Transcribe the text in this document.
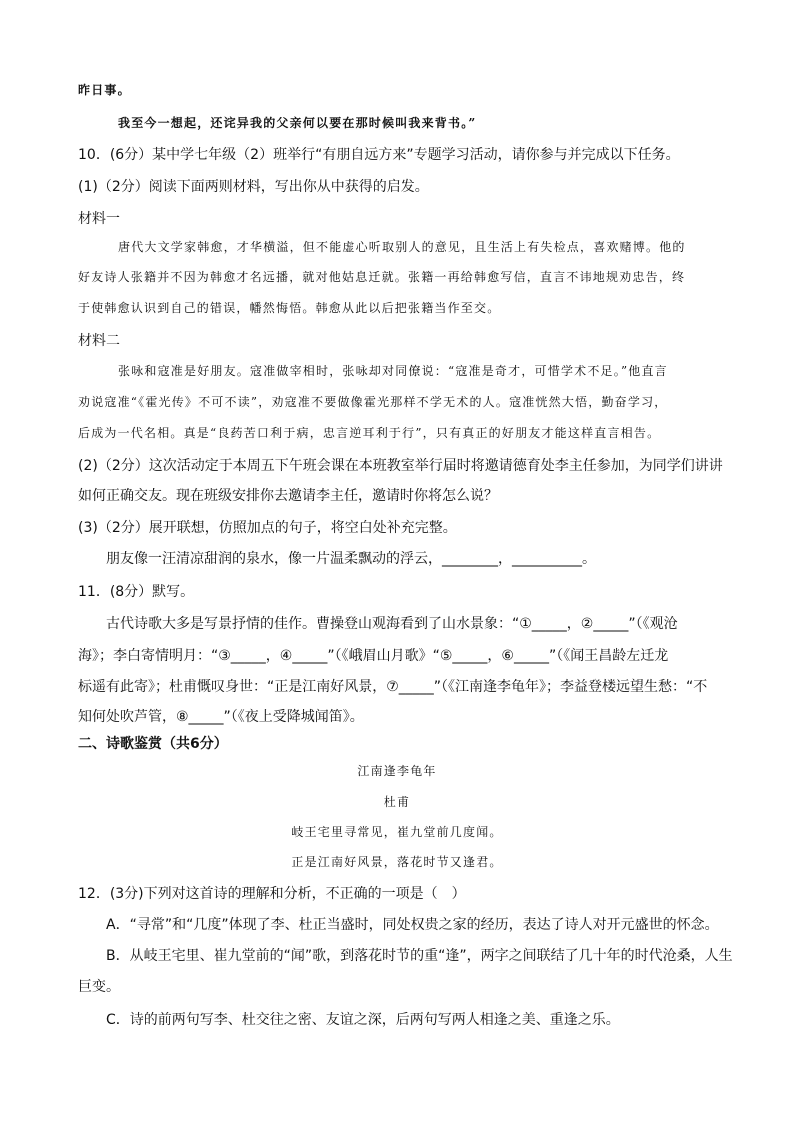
昨日事。
我至今一想起，还诧异我的父亲何以要在那时候叫我来背书。”
10．(6分）某中学七年级（2）班举行“有朋自远方来”专题学习活动，请你参与并完成以下任务。
(1)（2分）阅读下面两则材料，写出你从中获得的启发。
材料一
唐代大文学家韩愈，才华横溢，但不能虚心听取别人的意见，且生活上有失检点，喜欢赌博。他的
好友诗人张籍并不因为韩愈才名远播，就对他姑息迁就。张籍一再给韩愈写信，直言不讳地规劝忠告，终
于使韩愈认识到自己的错误，幡然悔悟。韩愈从此以后把张籍当作至交。
材料二
张咏和寇准是好朋友。寇准做宰相时，张咏却对同僚说：“寇准是奇才，可惜学术不足。”他直言
劝说寇准“《霍光传》不可不读”，劝寇准不要做像霍光那样不学无术的人。寇准恍然大悟，勤奋学习，
后成为一代名相。真是“良药苦口利于病，忠言逆耳利于行”，只有真正的好朋友才能这样直言相告。
(2)（2分）这次活动定于本周五下午班会课在本班教室举行届时将邀请德育处李主任参加，为同学们讲讲
如何正确交友。现在班级安排你去邀请李主任，邀请时你将怎么说？
(3)（2分）展开联想，仿照加点的句子，将空白处补充完整。
朋友像一汪清凉甜润的泉水，像一片温柔飘动的浮云，________，__________。
11．(8分）默写。
古代诗歌大多是写景抒情的佳作。曹操登山观海看到了山水景象：“①_____，②_____”（《观沧
海》；李白寄情明月：“③_____，④_____”（《峨眉山月歌》“⑤_____，⑥_____”（《闻王昌龄左迁龙
标遥有此寄》；杜甫慨叹身世：“正是江南好风景，⑦_____”（《江南逢李龟年》；李益登楼远望生愁：“不
知何处吹芦管，⑧_____”（《夜上受降城闻笛》。
二、诗歌鉴赏（共6分）
江南逢李龟年
杜甫
岐王宅里寻常见，崔九堂前几度闻。
正是江南好风景，落花时节又逢君。
12．(3分)下列对这首诗的理解和分析，不正确的一项是（　）
A．“寻常”和“几度”体现了李、杜正当盛时，同处权贵之家的经历，表达了诗人对开元盛世的怀念。
B．从岐王宅里、崔九堂前的“闻”歌，到落花时节的重“逢”，两字之间联结了几十年的时代沧桑，人生
巨变。
C．诗的前两句写李、杜交往之密、友谊之深，后两句写两人相逢之美、重逢之乐。
